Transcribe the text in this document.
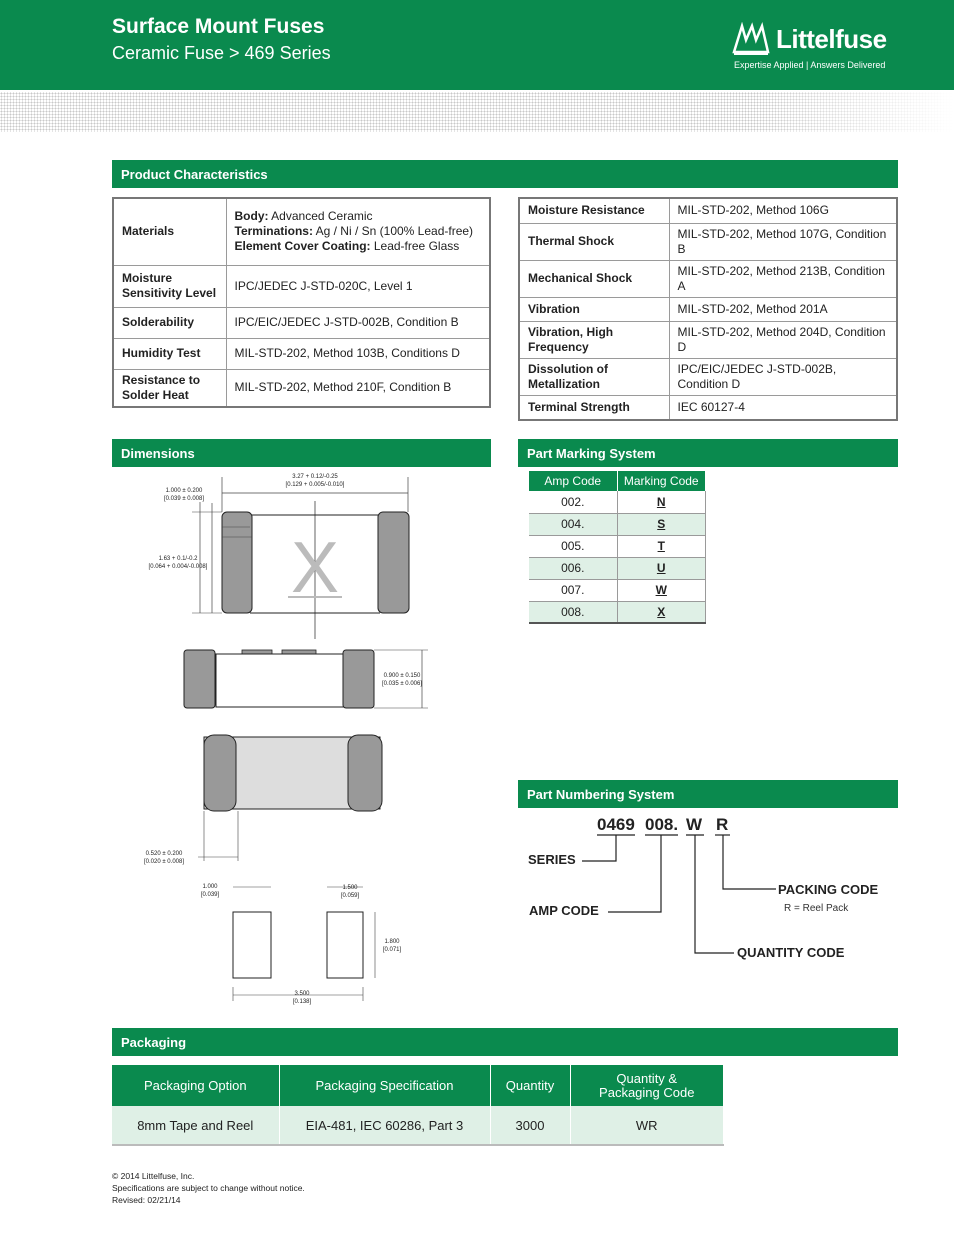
Surface Mount Fuses
Ceramic Fuse > 469 Series	Littelfuse
Expertise Applied | Answers Delivered
Product Characteristics
Materials	Body: Advanced Ceramic
Terminations: Ag / Ni / Sn (100% Lead-free)
Element Cover Coating: Lead-free Glass

Moisture Sensitivity Level	IPC/JEDEC J-STD-020C, Level 1
Solderability	IPC/EIC/JEDEC J-STD-002B, Condition B
Humidity Test	MIL-STD-202, Method 103B, Conditions D
Resistance to Solder Heat	MIL-STD-202, Method 210F, Condition B
Moisture Resistance	MIL-STD-202, Method 106G
Thermal Shock	MIL-STD-202, Method 107G, Condition B
Mechanical Shock	MIL-STD-202, Method 213B, Condition A
Vibration	MIL-STD-202, Method 201A
Vibration, High Frequency	MIL-STD-202, Method 204D, Condition D
Dissolution of Metallization	IPC/EIC/JEDEC J-STD-002B, Condition D
Terminal Strength	IEC 60127-4
Dimensions
3.27 + 0.12/-0.25
[0.129 + 0.005/-0.010]
X
1.000 ± 0.200
[0.039 ± 0.008]
1.63 + 0.1/-0.2
[0.064 + 0.004/-0.008]
0.900 ± 0.150
[0.035 ± 0.006]
0.520 ± 0.200
[0.020 ± 0.008]
1.000
[0.039]
1.500
[0.059]
1.800
[0.071]
3.500
[0.138]
Part Marking System
Amp Code	Marking Code
002.	N
004.	S
005.	T
006.	U
007.	W
008.	X
Part Numbering System
0469 008. W R
SERIES
AMP CODE
PACKING CODE
QUANTITY CODE
R = Reel Pack
Packaging
Packaging Option	Packaging Specification	Quantity	Quantity & Packaging Code
8mm Tape and Reel	EIA-481, IEC 60286, Part 3	3000	WR
© 2014 Littelfuse, Inc.
Specifications are subject to change without notice.
Revised: 02/21/14
